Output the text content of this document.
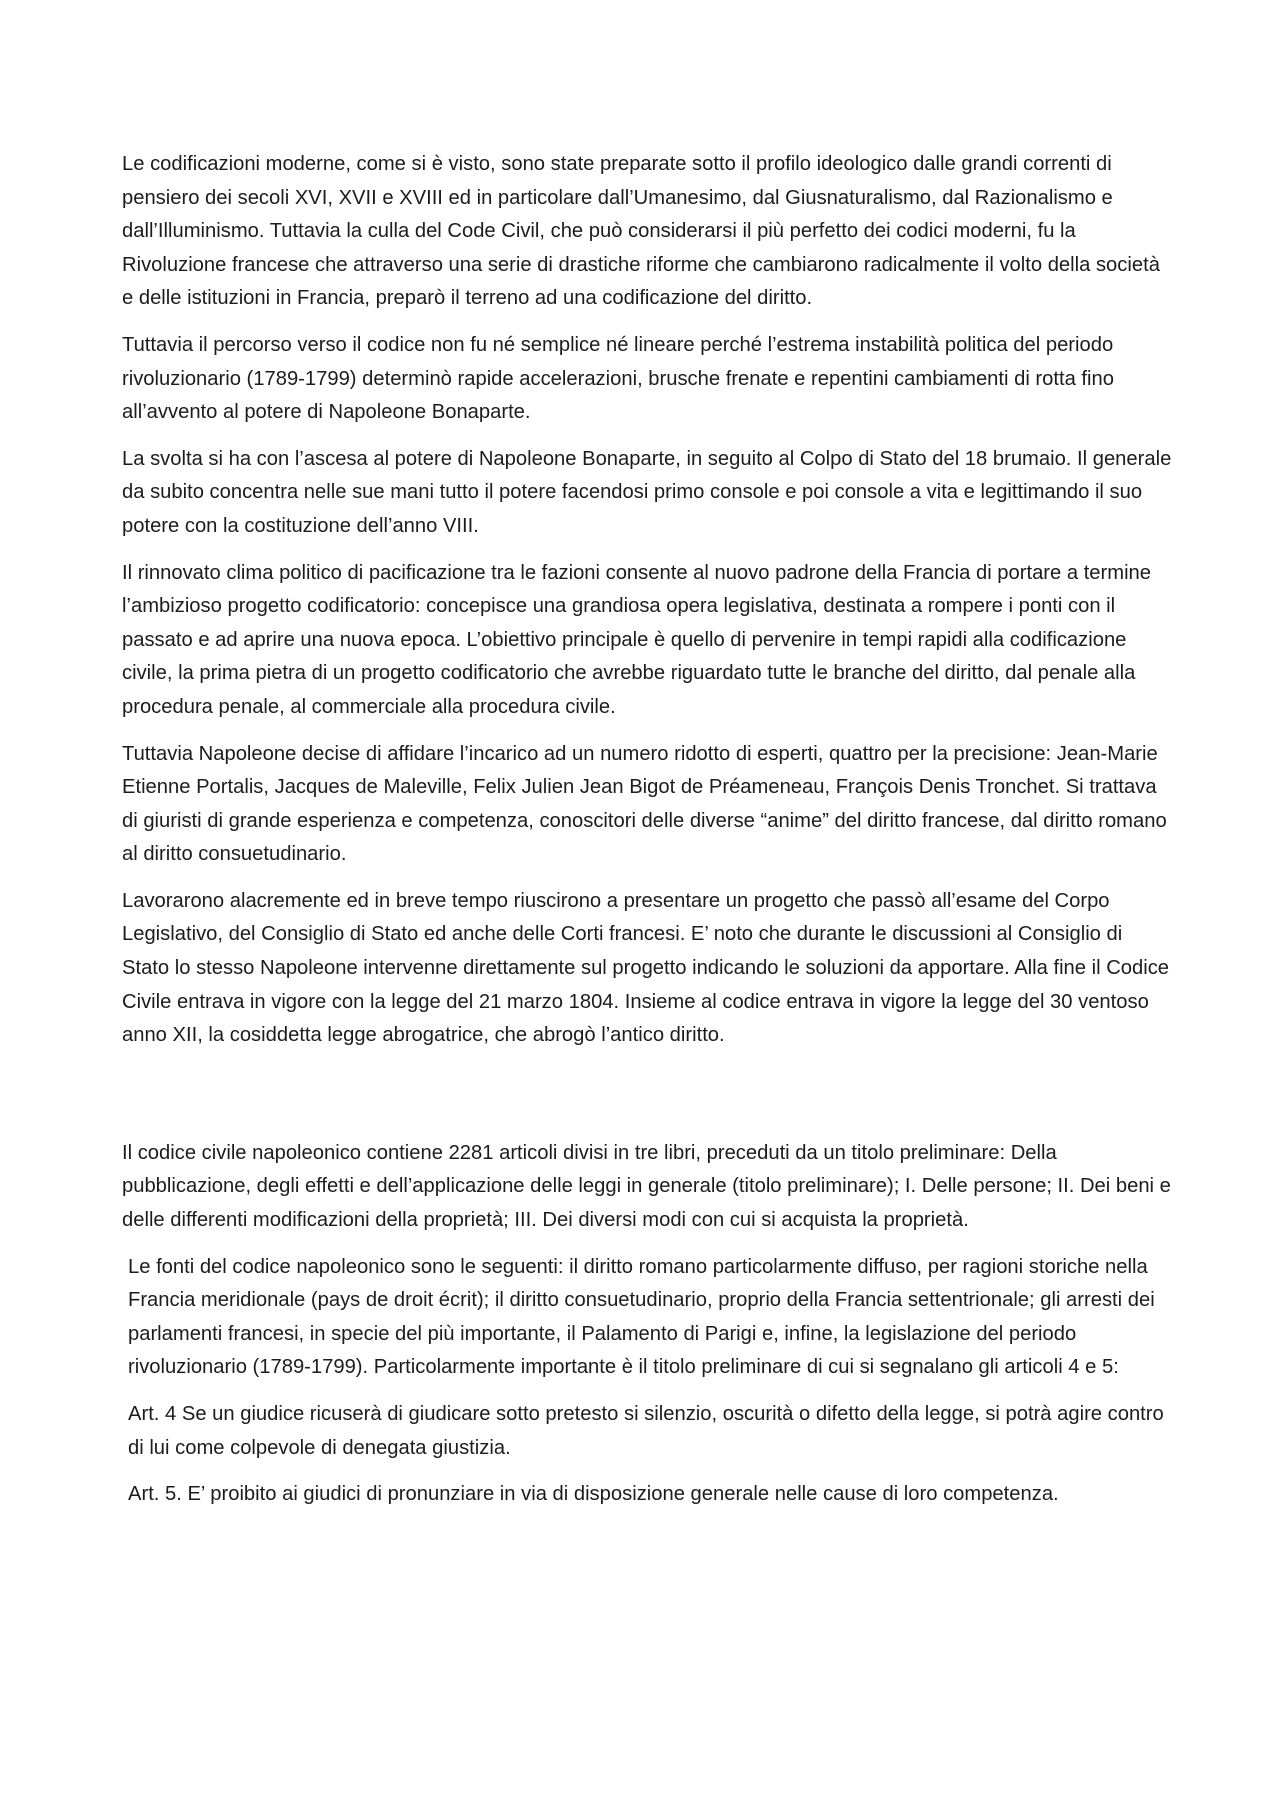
Le codificazioni moderne, come si è visto, sono state preparate sotto il profilo ideologico dalle grandi correnti di pensiero dei secoli XVI, XVII e XVIII ed in particolare dall’Umanesimo, dal Giusnaturalismo, dal Razionalismo e dall’Illuminismo. Tuttavia la culla del Code Civil, che può considerarsi il più perfetto dei codici moderni, fu la Rivoluzione francese che attraverso una serie di drastiche riforme che cambiarono radicalmente il volto della società e delle istituzioni in Francia, preparò il terreno ad una codificazione del diritto.

Tuttavia il percorso verso il codice non fu né semplice né lineare perché l’estrema instabilità politica del periodo rivoluzionario (1789-1799) determinò rapide accelerazioni, brusche frenate e repentini cambiamenti di rotta fino all’avvento al potere di Napoleone Bonaparte.

La svolta si ha con l’ascesa al potere di Napoleone Bonaparte, in seguito al Colpo di Stato del 18 brumaio. Il generale da subito concentra nelle sue mani tutto il potere facendosi primo console e poi console a vita e legittimando il suo potere con la costituzione dell’anno VIII.

Il rinnovato clima politico di pacificazione tra le fazioni consente al nuovo padrone della Francia di portare a termine l’ambizioso progetto codificatorio: concepisce una grandiosa opera legislativa, destinata a rompere i ponti con il passato e ad aprire una nuova epoca. L’obiettivo principale è quello di pervenire in tempi rapidi alla codificazione civile, la prima pietra di un progetto codificatorio che avrebbe riguardato tutte le branche del diritto, dal penale alla procedura penale, al commerciale alla procedura civile.

Tuttavia Napoleone decise di affidare l’incarico ad un numero ridotto di esperti, quattro per la precisione: Jean-Marie Etienne Portalis, Jacques de Maleville, Felix Julien Jean Bigot de Préameneau, François Denis Tronchet. Si trattava di giuristi di grande esperienza e competenza, conoscitori delle diverse “anime” del diritto francese, dal diritto romano al diritto consuetudinario.

Lavorarono alacremente ed in breve tempo riuscirono a presentare un progetto che passò all’esame del Corpo Legislativo, del Consiglio di Stato ed anche delle Corti francesi. E’ noto che durante le discussioni al Consiglio di Stato lo stesso Napoleone intervenne direttamente sul progetto indicando le soluzioni da apportare. Alla fine il Codice Civile entrava in vigore con la legge del 21 marzo 1804. Insieme al codice entrava in vigore la legge del 30 ventoso anno XII, la cosiddetta legge abrogatrice, che abrogò l’antico diritto.

Il codice civile napoleonico contiene 2281 articoli divisi in tre libri, preceduti da un titolo preliminare: Della pubblicazione, degli effetti e dell’applicazione delle leggi in generale (titolo preliminare); I. Delle persone; II. Dei beni e delle differenti modificazioni della proprietà; III. Dei diversi modi con cui si acquista la proprietà.

Le fonti del codice napoleonico sono le seguenti: il diritto romano particolarmente diffuso, per ragioni storiche nella Francia meridionale (pays de droit écrit); il diritto consuetudinario, proprio della Francia settentrionale; gli arresti dei parlamenti francesi, in specie del più importante, il Palamento di Parigi e, infine, la legislazione del periodo rivoluzionario (1789-1799). Particolarmente importante è il titolo preliminare di cui si segnalano gli articoli 4 e 5:

Art. 4 Se un giudice ricuserà di giudicare sotto pretesto si silenzio, oscurità o difetto della legge, si potrà agire contro di lui come colpevole di denegata giustizia.

Art. 5. E’ proibito ai giudici di pronunziare in via di disposizione generale nelle cause di loro competenza.
